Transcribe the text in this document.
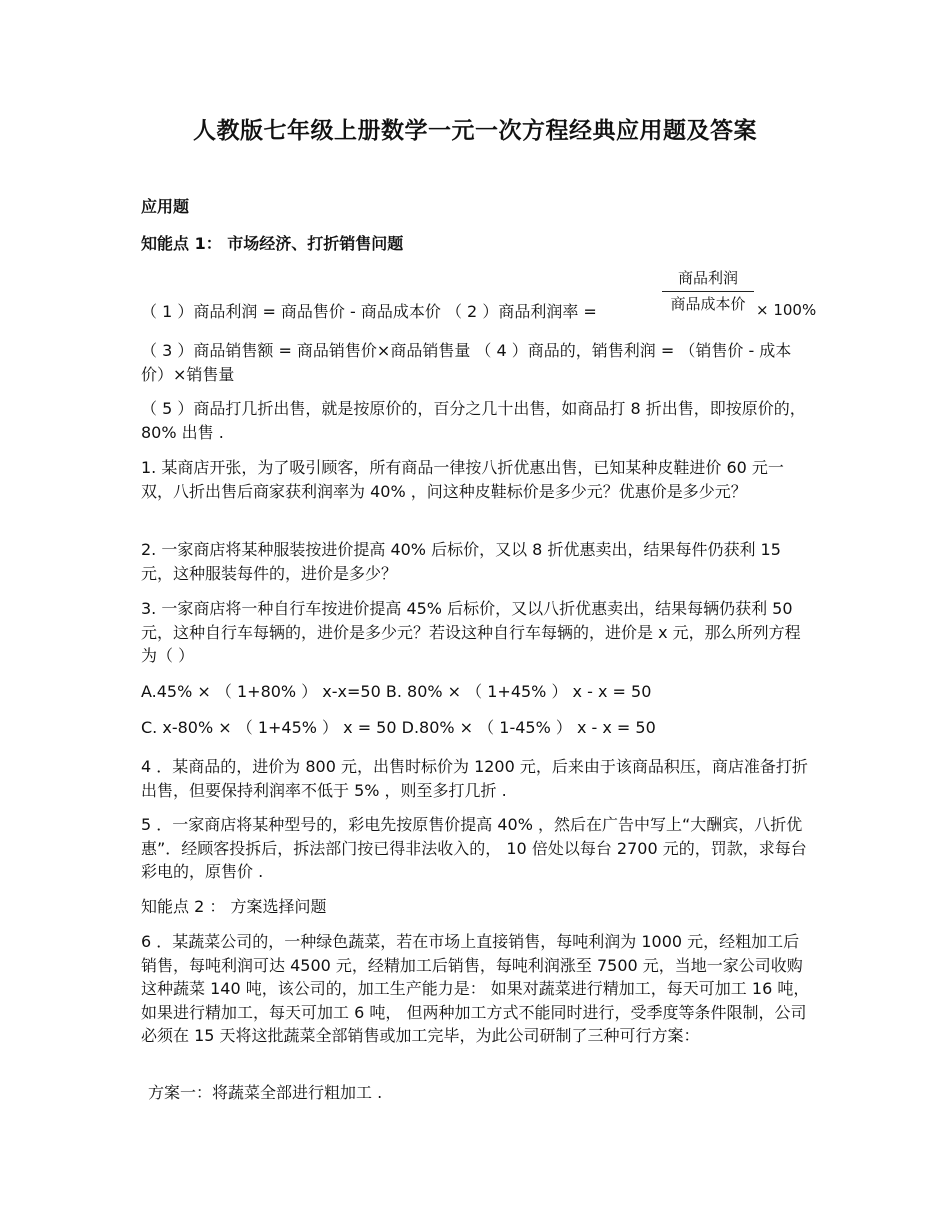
人教版七年级上册数学一元一次方程经典应用题及答案
应用题
知能点 1： 市场经济、打折销售问题
商品利润
商品成本价
（ 1 ）商品利润 = 商品售价 - 商品成本价 （ 2 ）商品利润率 =	× 100%
（ 3 ）商品销售额 = 商品销售价×商品销售量 （ 4 ）商品的，销售利润 = （销售价 - 成本价）×销售量
（ 5 ）商品打几折出售，就是按原价的，百分之几十出售，如商品打 8 折出售，即按原价的， 80% 出售 .
1. 某商店开张，为了吸引顾客，所有商品一律按八折优惠出售，已知某种皮鞋进价 60 元一双，八折出售后商家获利润率为 40% ，问这种皮鞋标价是多少元？优惠价是多少元？
2. 一家商店将某种服装按进价提高 40% 后标价，又以 8 折优惠卖出，结果每件仍获利 15 元，这种服装每件的，进价是多少？
3. 一家商店将一种自行车按进价提高 45% 后标价，又以八折优惠卖出，结果每辆仍获利 50 元，这种自行车每辆的，进价是多少元？若设这种自行车每辆的，进价是 x 元，那么所列方程为（ ）
A.45% × （ 1+80% ） x-x=50 B. 80% × （ 1+45% ） x - x = 50
C. x-80% × （ 1+45% ） x = 50 D.80% × （ 1-45% ） x - x = 50
4 ．某商品的，进价为 800 元，出售时标价为 1200 元，后来由于该商品积压，商店准备打折出售，但要保持利润率不低于 5% ，则至多打几折 .
5 ．一家商店将某种型号的，彩电先按原售价提高 40% ，然后在广告中写上“大酬宾，八折优惠”．经顾客投拆后，拆法部门按已得非法收入的， 10 倍处以每台 2700 元的，罚款，求每台彩电的，原售价 .
知能点 2 ： 方案选择问题
6 ．某蔬菜公司的，一种绿色蔬菜，若在市场上直接销售，每吨利润为 1000 元，经粗加工后销售，每吨利润可达 4500 元，经精加工后销售，每吨利润涨至 7500 元，当地一家公司收购这种蔬菜 140 吨，该公司的，加工生产能力是： 如果对蔬菜进行精加工，每天可加工 16 吨，如果进行精加工，每天可加工 6 吨， 但两种加工方式不能同时进行，受季度等条件限制，公司必须在 15 天将这批蔬菜全部销售或加工完毕，为此公司研制了三种可行方案：
方案一：将蔬菜全部进行粗加工 .
